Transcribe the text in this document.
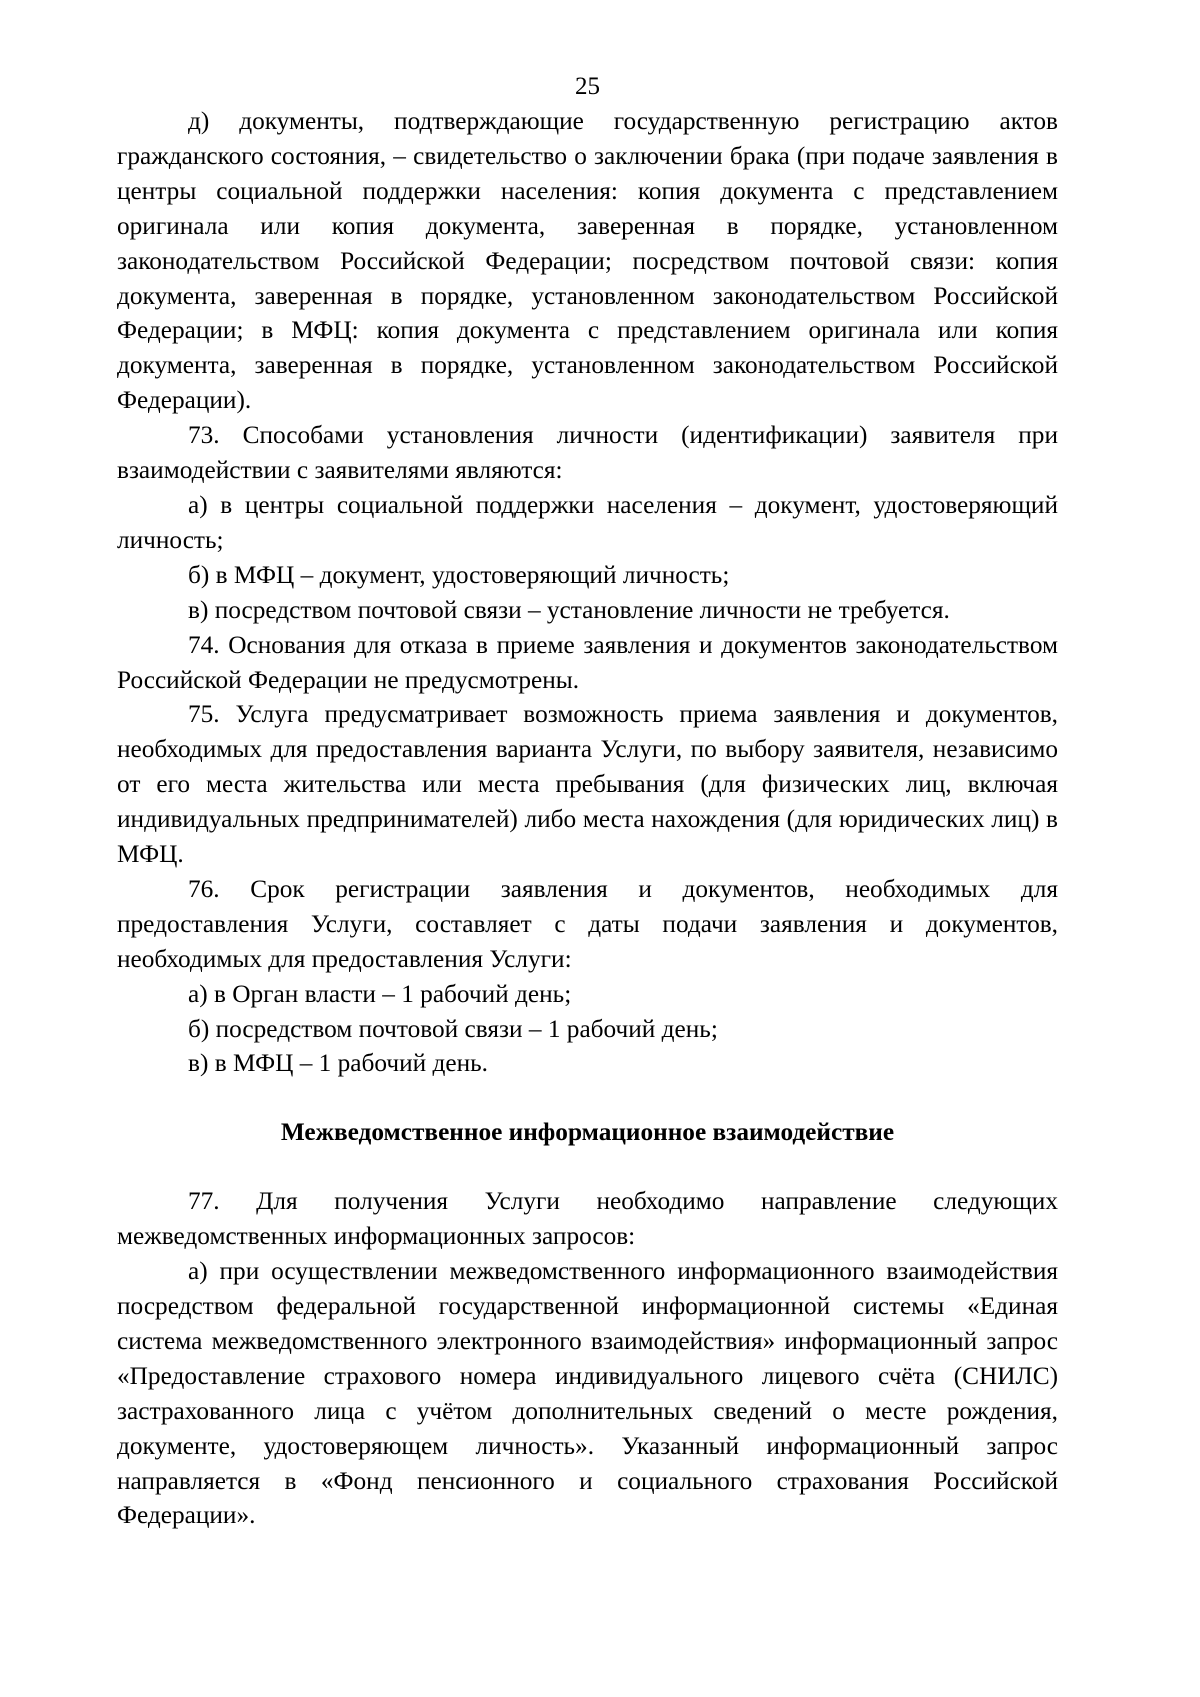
25

д) документы, подтверждающие государственную регистрацию актов гражданского состояния, – свидетельство о заключении брака (при подаче заявления в центры социальной поддержки населения: копия документа с представлением оригинала или копия документа, заверенная в порядке, установленном законодательством Российской Федерации; посредством почтовой связи: копия документа, заверенная в порядке, установленном законодательством Российской Федерации; в МФЦ: копия документа с представлением оригинала или копия документа, заверенная в порядке, установленном законодательством Российской Федерации).

73. Способами установления личности (идентификации) заявителя при взаимодействии с заявителями являются:

а) в центры социальной поддержки населения – документ, удостоверяющий личность;

б) в МФЦ – документ, удостоверяющий личность;

в) посредством почтовой связи – установление личности не требуется.

74. Основания для отказа в приеме заявления и документов законодательством Российской Федерации не предусмотрены.

75. Услуга предусматривает возможность приема заявления и документов, необходимых для предоставления варианта Услуги, по выбору заявителя, независимо от его места жительства или места пребывания (для физических лиц, включая индивидуальных предпринимателей) либо места нахождения (для юридических лиц) в МФЦ.

76. Срок регистрации заявления и документов, необходимых для предоставления Услуги, составляет с даты подачи заявления и документов, необходимых для предоставления Услуги:

а) в Орган власти – 1 рабочий день;

б) посредством почтовой связи – 1 рабочий день;

в) в МФЦ – 1 рабочий день.

Межведомственное информационное взаимодействие

77. Для получения Услуги необходимо направление следующих межведомственных информационных запросов:

а) при осуществлении межведомственного информационного взаимодействия посредством федеральной государственной информационной системы «Единая система межведомственного электронного взаимодействия» информационный запрос «Предоставление страхового номера индивидуального лицевого счёта (СНИЛС) застрахованного лица с учётом дополнительных сведений о месте рождения, документе, удостоверяющем личность». Указанный информационный запрос направляется в «Фонд пенсионного и социального страхования Российской Федерации».
